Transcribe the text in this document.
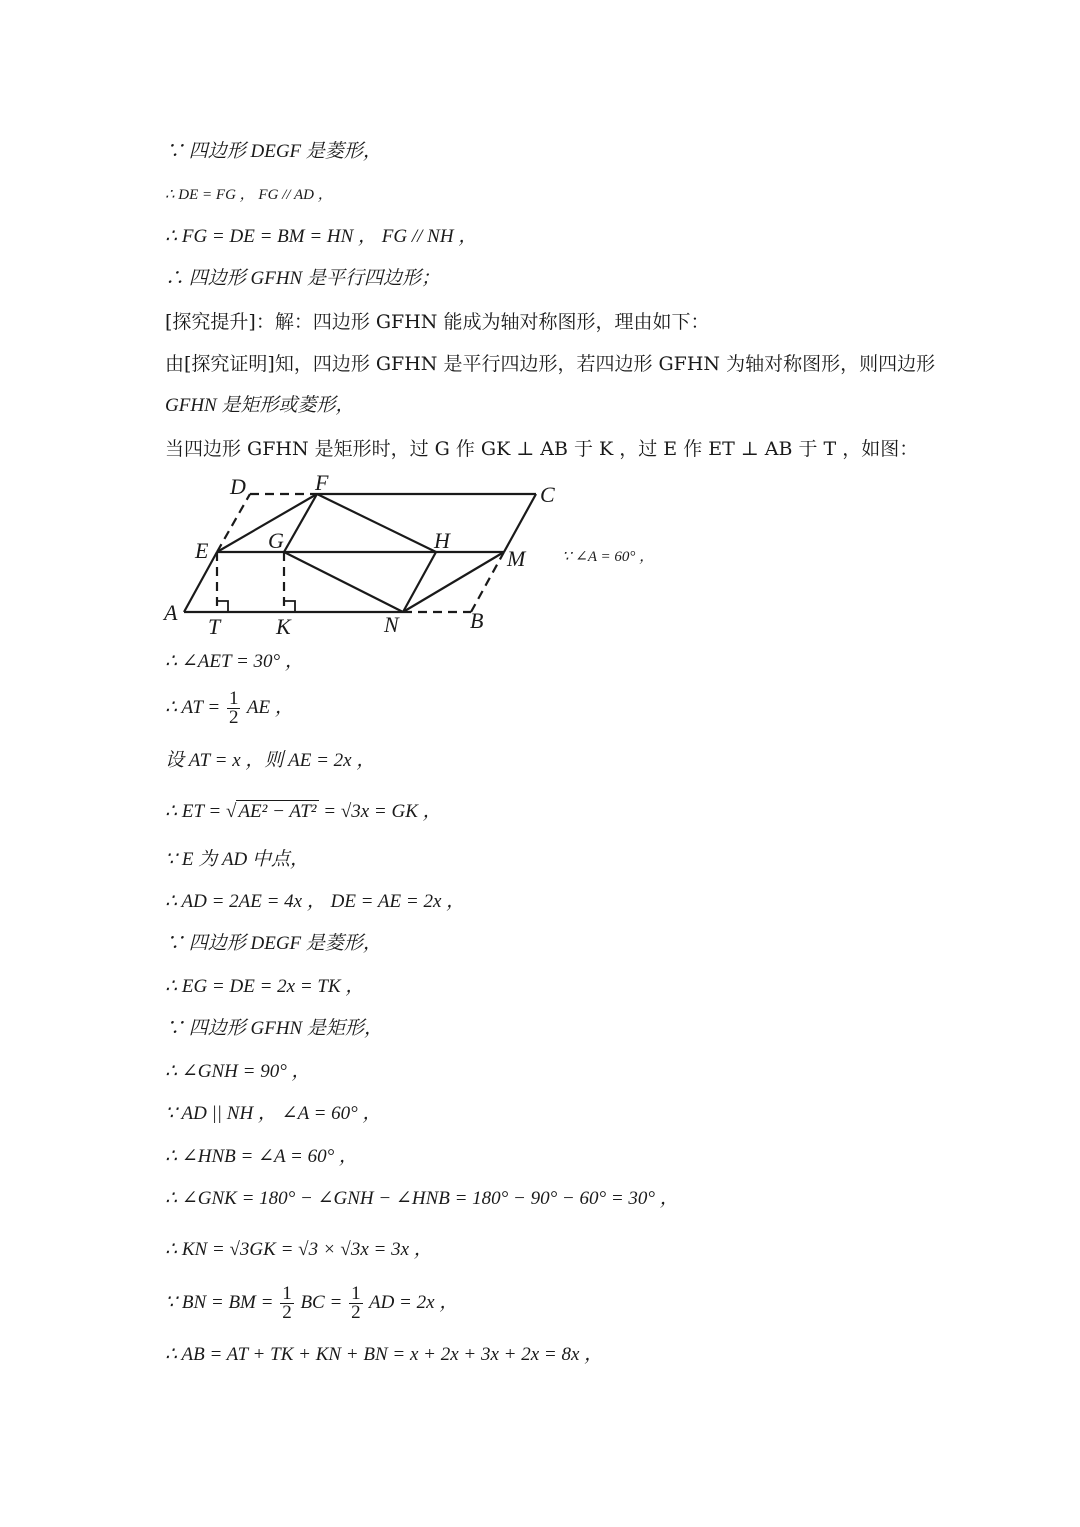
∵ 四边形 DEGF 是菱形，
∴ DE = FG ， FG // AD ，
∴ FG = DE = BM = HN ， FG // NH ，
∴ 四边形 GFHN 是平行四边形；
[探究提升]：解：四边形 GFHN 能成为轴对称图形，理由如下：
由[探究证明]知，四边形 GFHN 是平行四边形，若四边形 GFHN 为轴对称图形，则四边形
GFHN 是矩形或菱形，
当四边形 GFHN 是矩形时，过 G 作 GK ⊥ AB 于 K ，过 E 作 ET ⊥ AB 于 T ，如图：
D	F	C
E	G	H
M
A
T	K	N	B
∵ ∠A = 60° ，
∴ ∠AET = 30° ，
∴ AT = $\frac{1}{2}$ AE ，
设 AT = x ，则 AE = 2x ，
∴ ET = √ AE² − AT² = √3x = GK ，
∵ E 为 AD 中点，
∴ AD = 2AE = 4x ， DE = AE = 2x ，
∵ 四边形 DEGF 是菱形，
∴ EG = DE = 2x = TK ，
∵ 四边形 GFHN 是矩形，
∴ ∠GNH = 90° ，
∵ AD || NH ， ∠A = 60° ，
∴ ∠HNB = ∠A = 60° ，
∴ ∠GNK = 180° − ∠GNH − ∠HNB = 180° − 90° − 60° = 30° ，
∴ KN = √3GK = √3 × √3x = 3x ，
∵ BN = BM = $\frac{1}{2}$ BC = $\frac{1}{2}$ AD = 2x ，
∴ AB = AT + TK + KN + BN = x + 2x + 3x + 2x = 8x ，
